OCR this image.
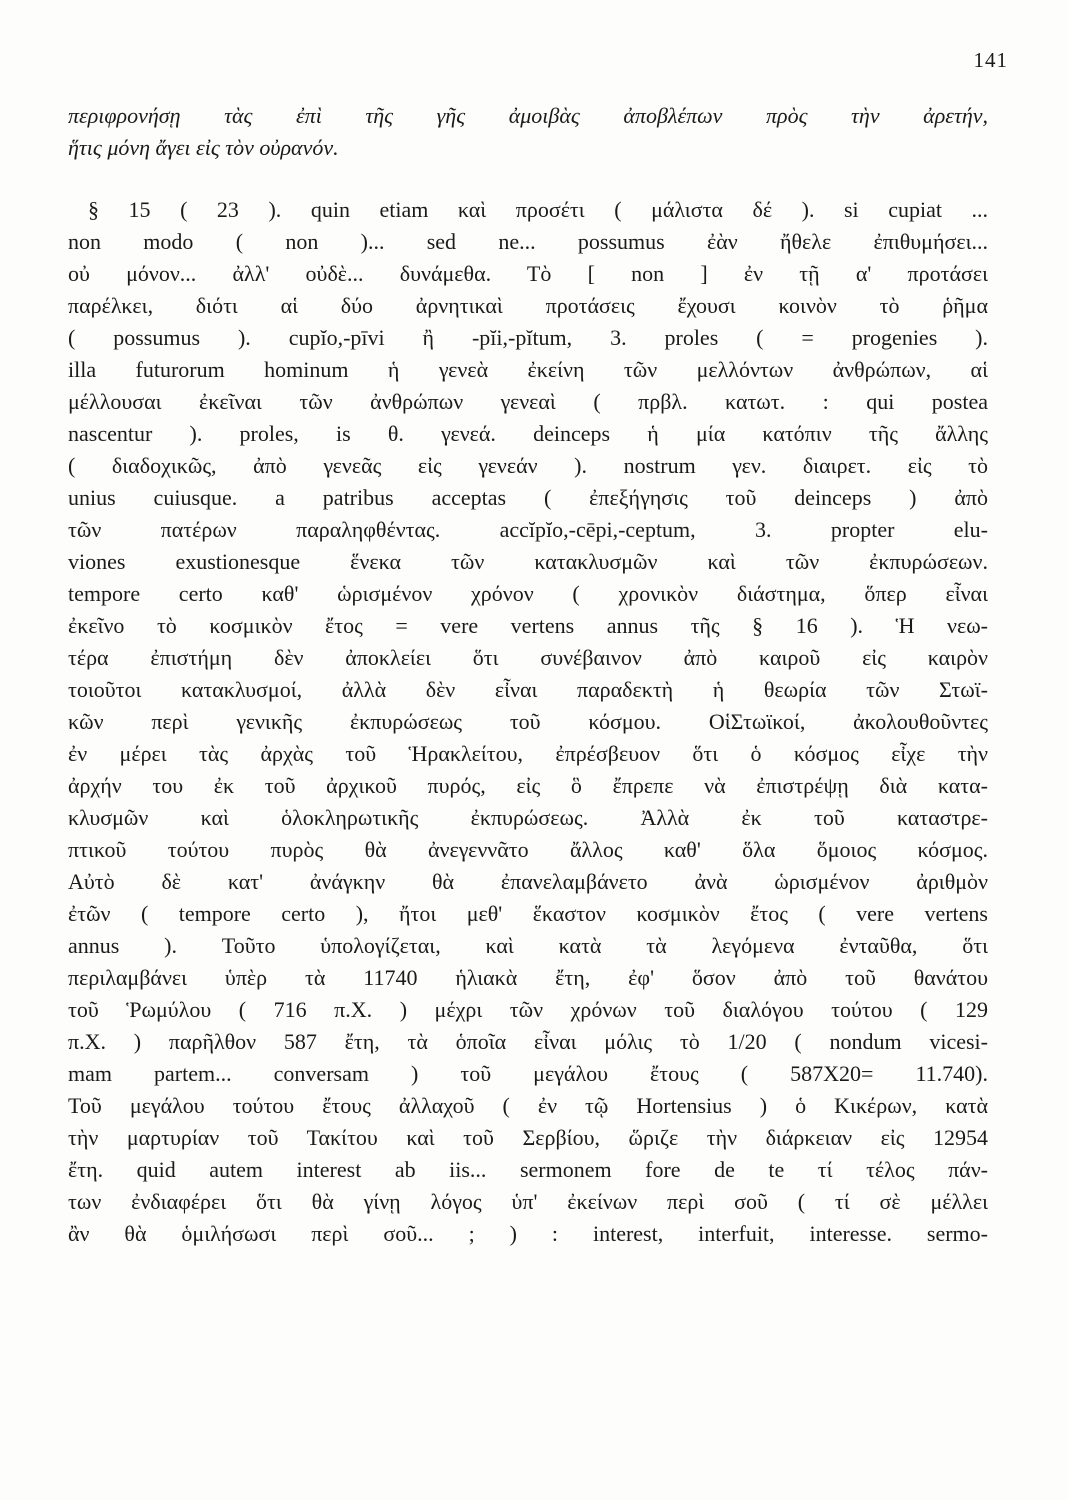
141
περιφρονήσῃ τὰς ἐπὶ τῆς γῆς ἀμοιβὰς ἀποβλέπων πρὸς τὴν ἀρετήν,
ἥτις μόνη ἄγει εἰς τὸν οὐρανόν.
§ 15 ( 23 ). quin etiam καὶ προσέτι ( μάλιστα δέ ). si cupiat ...
non modo ( non )... sed ne... possumus ἐὰν ἤθελε ἐπιθυμήσει...
οὐ μόνον... ἀλλ' οὐδὲ... δυνάμεθα. Τὸ [ non ] ἐν τῇ α' προτάσει
παρέλκει, διότι αἱ δύο ἀρνητικαὶ προτάσεις ἔχουσι κοινὸν τὸ ῥῆμα
( possumus ). cupĭo,-pīvi ἢ -pĭi,-pĭtum, 3. proles ( = progenies ).
illa futurorum hominum ἡ γενεὰ ἐκείνη τῶν μελλόντων ἀνθρώπων, αἱ
μέλλουσαι ἐκεῖναι τῶν ἀνθρώπων γενεαὶ ( πρβλ. κατωτ. : qui postea
nascentur ). proles, is θ. γενεά. deinceps ἡ μία κατόπιν τῆς ἄλλης
( διαδοχικῶς, ἀπὸ γενεᾶς εἰς γενεάν ). nostrum γεν. διαιρετ. εἰς τὸ
unius cuiusque. a patribus acceptas ( ἐπεξήγησις τοῦ deinceps ) ἀπὸ
τῶν πατέρων παραληφθέντας. accĭpĭo,-cēpi,-ceptum, 3. propter elu-
viones exustionesque ἕνεκα τῶν κατακλυσμῶν καὶ τῶν ἐκπυρώσεων.
tempore certo καθ' ὡρισμένον χρόνον ( χρονικὸν διάστημα, ὅπερ εἶναι
ἐκεῖνο τὸ κοσμικὸν ἔτος = vere vertens annus τῆς § 16 ). Ἡ νεω-
τέρα ἐπιστήμη δὲν ἀποκλείει ὅτι συνέβαινον ἀπὸ καιροῦ εἰς καιρὸν
τοιοῦτοι κατακλυσμοί, ἀλλὰ δὲν εἶναι παραδεκτὴ ἡ θεωρία τῶν Στωϊ-
κῶν περὶ γενικῆς ἐκπυρώσεως τοῦ κόσμου. ΟἱΣτωϊκοί, ἀκολουθοῦντες
ἐν μέρει τὰς ἀρχὰς τοῦ Ἡρακλείτου, ἐπρέσβευον ὅτι ὁ κόσμος εἶχε τὴν
ἀρχήν του ἐκ τοῦ ἀρχικοῦ πυρός, εἰς ὃ ἔπρεπε νὰ ἐπιστρέψῃ διὰ κατα-
κλυσμῶν καὶ ὁλοκληρωτικῆς ἐκπυρώσεως. Ἀλλὰ ἐκ τοῦ καταστρε-
πτικοῦ τούτου πυρὸς θὰ ἀνεγεννᾶτο ἄλλος καθ' ὅλα ὅμοιος κόσμος.
Αὐτὸ δὲ κατ' ἀνάγκην θὰ ἐπανελαμβάνετο ἀνὰ ὡρισμένον ἀριθμὸν
ἐτῶν ( tempore certo ), ἤτοι μεθ' ἕκαστον κοσμικὸν ἔτος ( vere vertens
annus ). Τοῦτο ὑπολογίζεται, καὶ κατὰ τὰ λεγόμενα ἐνταῦθα, ὅτι
περιλαμβάνει ὑπὲρ τὰ 11740 ἡλιακὰ ἔτη, ἐφ' ὅσον ἀπὸ τοῦ θανάτου
τοῦ Ῥωμύλου ( 716 π.Χ. ) μέχρι τῶν χρόνων τοῦ διαλόγου τούτου ( 129
π.Χ. ) παρῆλθον 587 ἔτη, τὰ ὁποῖα εἶναι μόλις τὸ 1/20 ( nondum vicesi-
mam partem... conversam ) τοῦ μεγάλου ἔτους ( 587Χ20= 11.740).
Τοῦ μεγάλου τούτου ἔτους ἀλλαχοῦ ( ἐν τῷ Hortensius ) ὁ Κικέρων, κατὰ
τὴν μαρτυρίαν τοῦ Τακίτου καὶ τοῦ Σερβίου, ὥριζε τὴν διάρκειαν εἰς 12954
ἔτη. quid autem interest ab iis... sermonem fore de te τί τέλος πάν-
των ἐνδιαφέρει ὅτι θὰ γίνῃ λόγος ὑπ' ἐκείνων περὶ σοῦ ( τί σὲ μέλλει
ἂν θὰ ὁμιλήσωσι περὶ σοῦ... ; ) : interest, interfuit, interesse. sermo-
